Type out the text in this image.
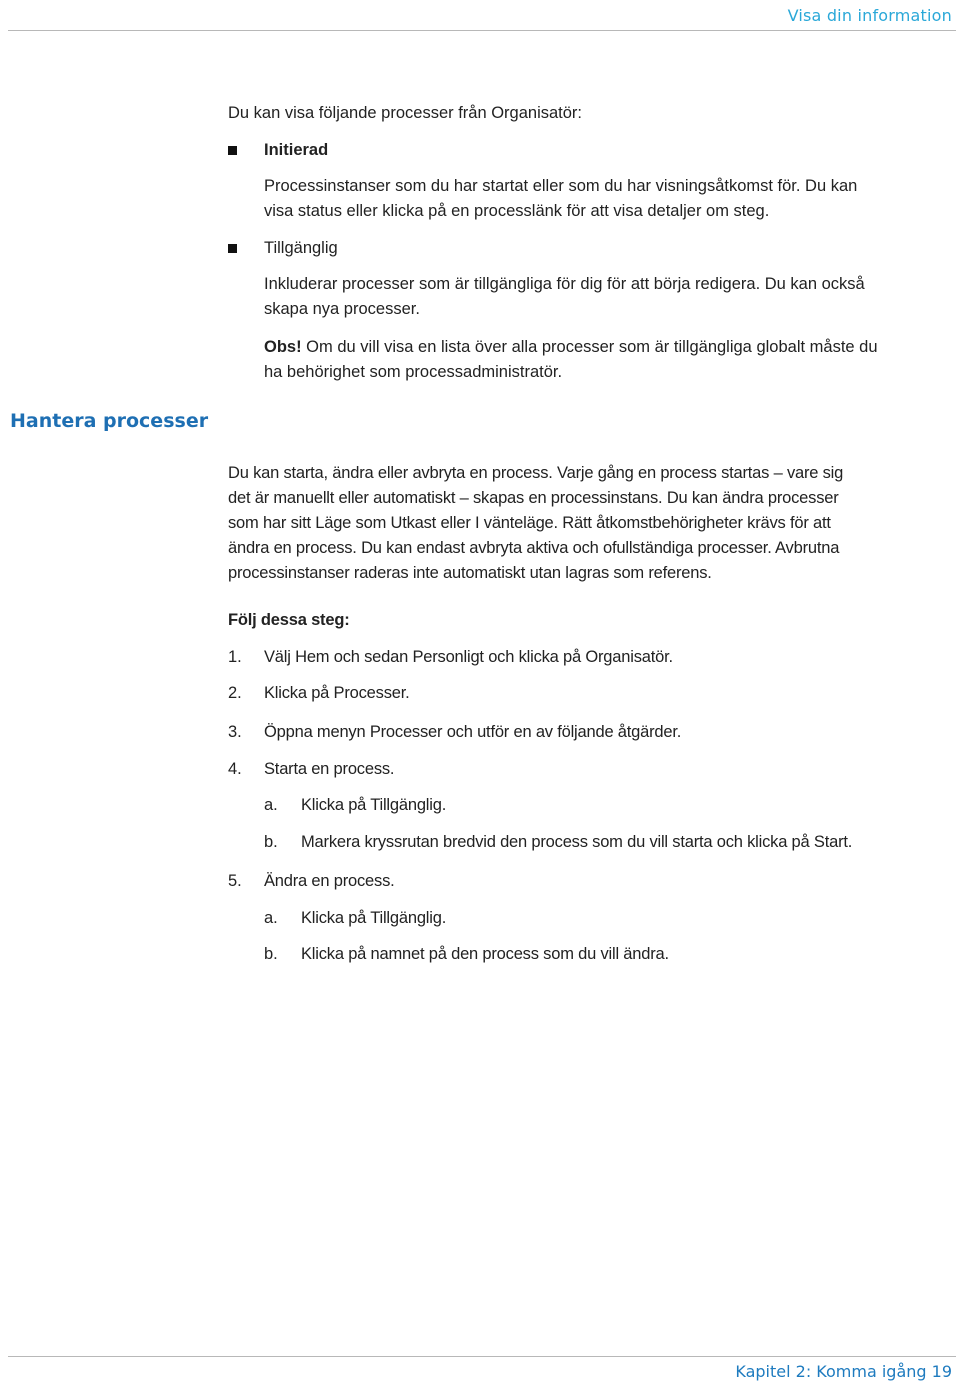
Visa din information

Du kan visa följande processer från Organisatör:

Initierad

Processinstanser som du har startat eller som du har visningsåtkomst för. Du kan

visa status eller klicka på en processlänk för att visa detaljer om steg.

Tillgänglig

Inkluderar processer som är tillgängliga för dig för att börja redigera. Du kan också

skapa nya processer.

Obs! Om du vill visa en lista över alla processer som är tillgängliga globalt måste du

ha behörighet som processadministratör.

Hantera processer

Du kan starta, ändra eller avbryta en process. Varje gång en process startas – vare sig

det är manuellt eller automatiskt – skapas en processinstans. Du kan ändra processer

som har sitt Läge som Utkast eller I vänteläge. Rätt åtkomstbehörigheter krävs för att

ändra en process. Du kan endast avbryta aktiva och ofullständiga processer. Avbrutna

processinstanser raderas inte automatiskt utan lagras som referens.

Följ dessa steg:

1. Välj Hem och sedan Personligt och klicka på Organisatör.

2. Klicka på Processer.

3. Öppna menyn Processer och utför en av följande åtgärder.

4. Starta en process.

a. Klicka på Tillgänglig.

b. Markera kryssrutan bredvid den process som du vill starta och klicka på Start.

5. Ändra en process.

a. Klicka på Tillgänglig.

b. Klicka på namnet på den process som du vill ändra.

Kapitel 2: Komma igång 19
